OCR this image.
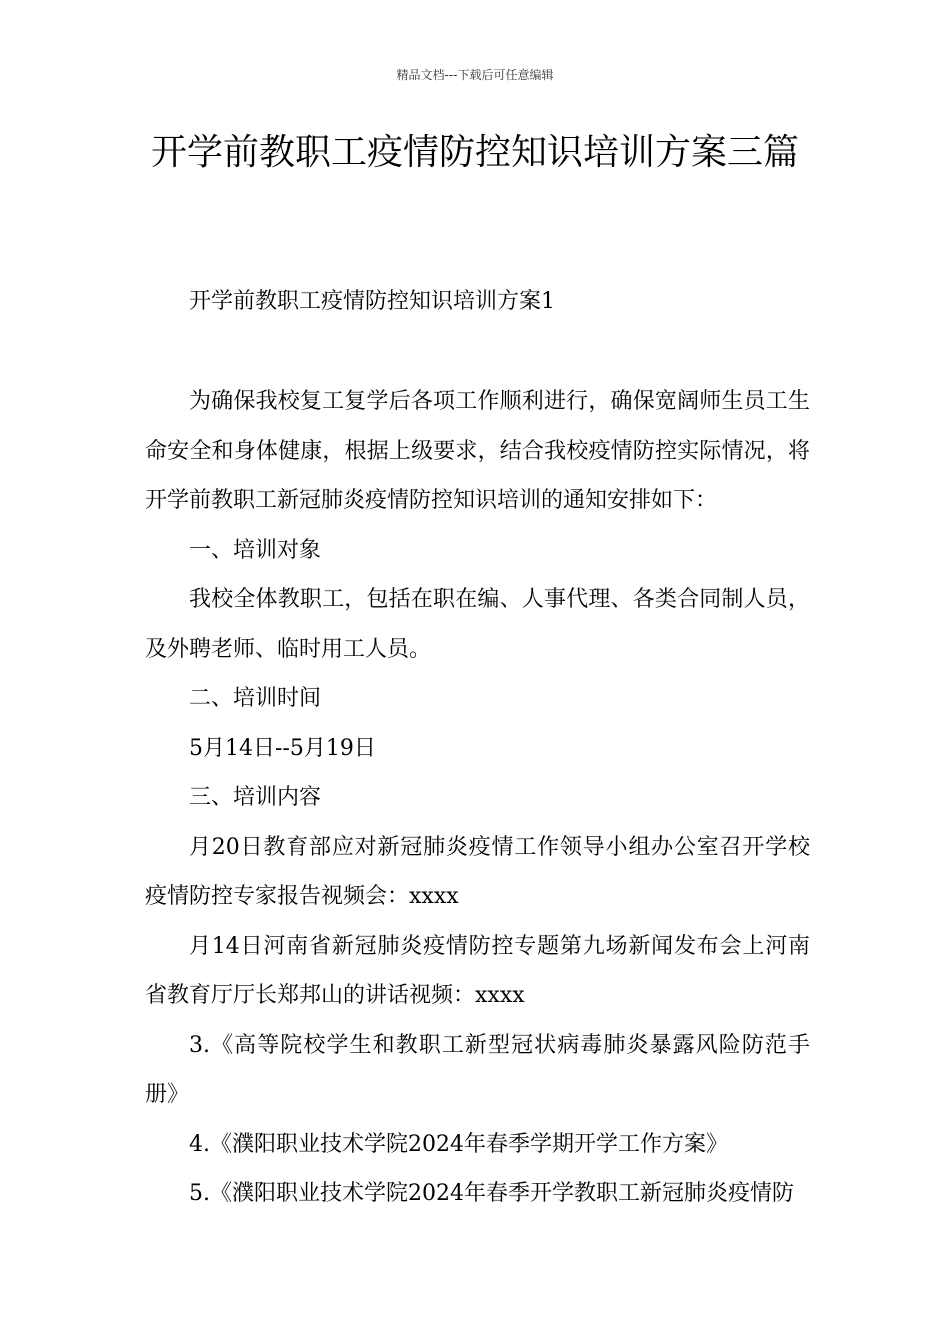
精品文档---下载后可任意编辑
开学前教职工疫情防控知识培训方案三篇

开学前教职工疫情防控知识培训方案1

为确保我校复工复学后各项工作顺利进行，确保宽阔师生员工生命安全和身体健康，根据上级要求，结合我校疫情防控实际情况，将开学前教职工新冠肺炎疫情防控知识培训的通知安排如下：

一、培训对象

我校全体教职工，包括在职在编、人事代理、各类合同制人员，及外聘老师、临时用工人员。

二、培训时间

5月14日--5月19日

三、培训内容

月20日教育部应对新冠肺炎疫情工作领导小组办公室召开学校疫情防控专家报告视频会：xxxx

月14日河南省新冠肺炎疫情防控专题第九场新闻发布会上河南省教育厅厅长郑邦山的讲话视频：xxxx

3.《高等院校学生和教职工新型冠状病毒肺炎暴露风险防范手册》

4.《濮阳职业技术学院2024年春季学期开学工作方案》

5.《濮阳职业技术学院2024年春季开学教职工新冠肺炎疫情防
